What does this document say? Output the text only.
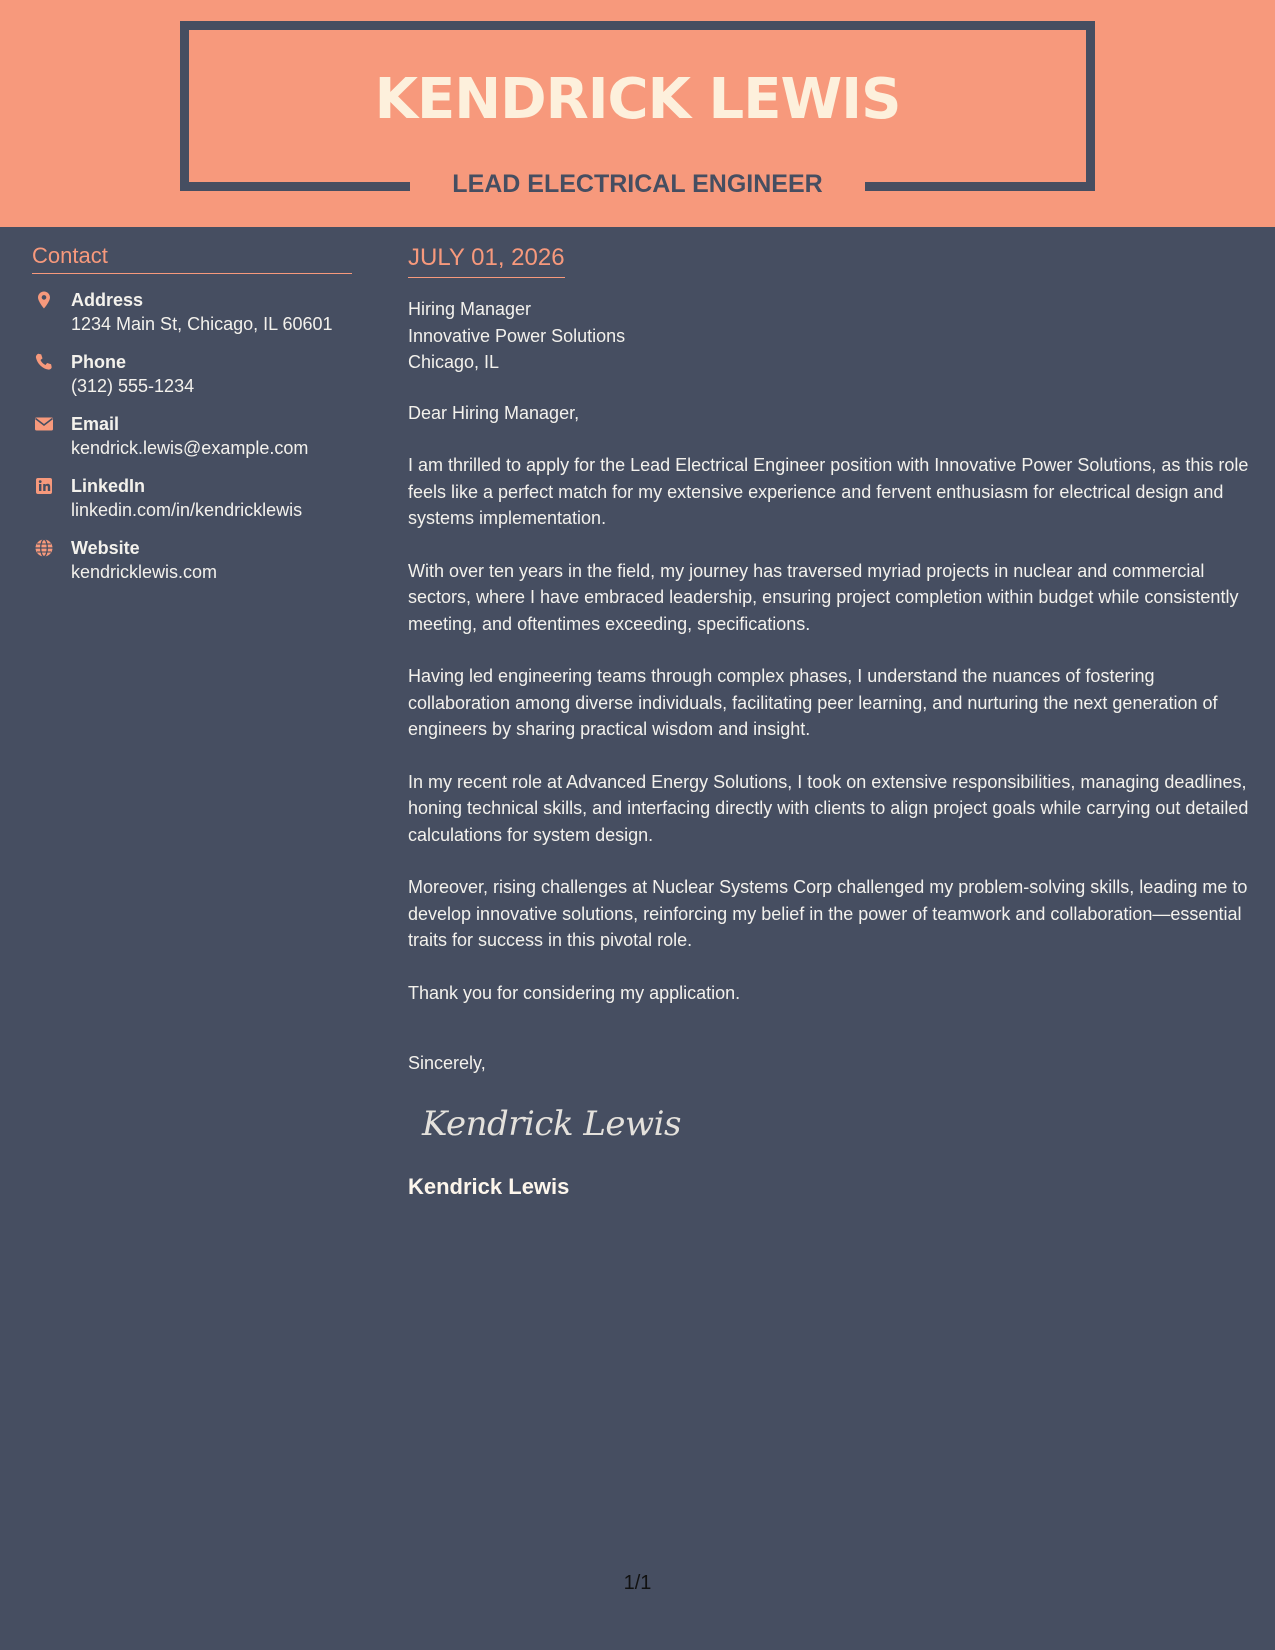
KENDRICK LEWIS
LEAD ELECTRICAL ENGINEER
Contact
Address
1234 Main St, Chicago, IL 60601
Phone
(312) 555-1234
Email
kendrick.lewis@example.com
LinkedIn
linkedin.com/in/kendricklewis
Website
kendricklewis.com
JULY 01, 2026
Hiring Manager
Innovative Power Solutions
Chicago, IL
Dear Hiring Manager,
I am thrilled to apply for the Lead Electrical Engineer position with Innovative Power Solutions, as this role feels like a perfect match for my extensive experience and fervent enthusiasm for electrical design and systems implementation.
With over ten years in the field, my journey has traversed myriad projects in nuclear and commercial sectors, where I have embraced leadership, ensuring project completion within budget while consistently meeting, and oftentimes exceeding, specifications.
Having led engineering teams through complex phases, I understand the nuances of fostering collaboration among diverse individuals, facilitating peer learning, and nurturing the next generation of engineers by sharing practical wisdom and insight.
In my recent role at Advanced Energy Solutions, I took on extensive responsibilities, managing deadlines, honing technical skills, and interfacing directly with clients to align project goals while carrying out detailed calculations for system design.
Moreover, rising challenges at Nuclear Systems Corp challenged my problem-solving skills, leading me to develop innovative solutions, reinforcing my belief in the power of teamwork and collaboration—essential traits for success in this pivotal role.
Thank you for considering my application.
Sincerely,
Kendrick Lewis
Kendrick Lewis
1/1
